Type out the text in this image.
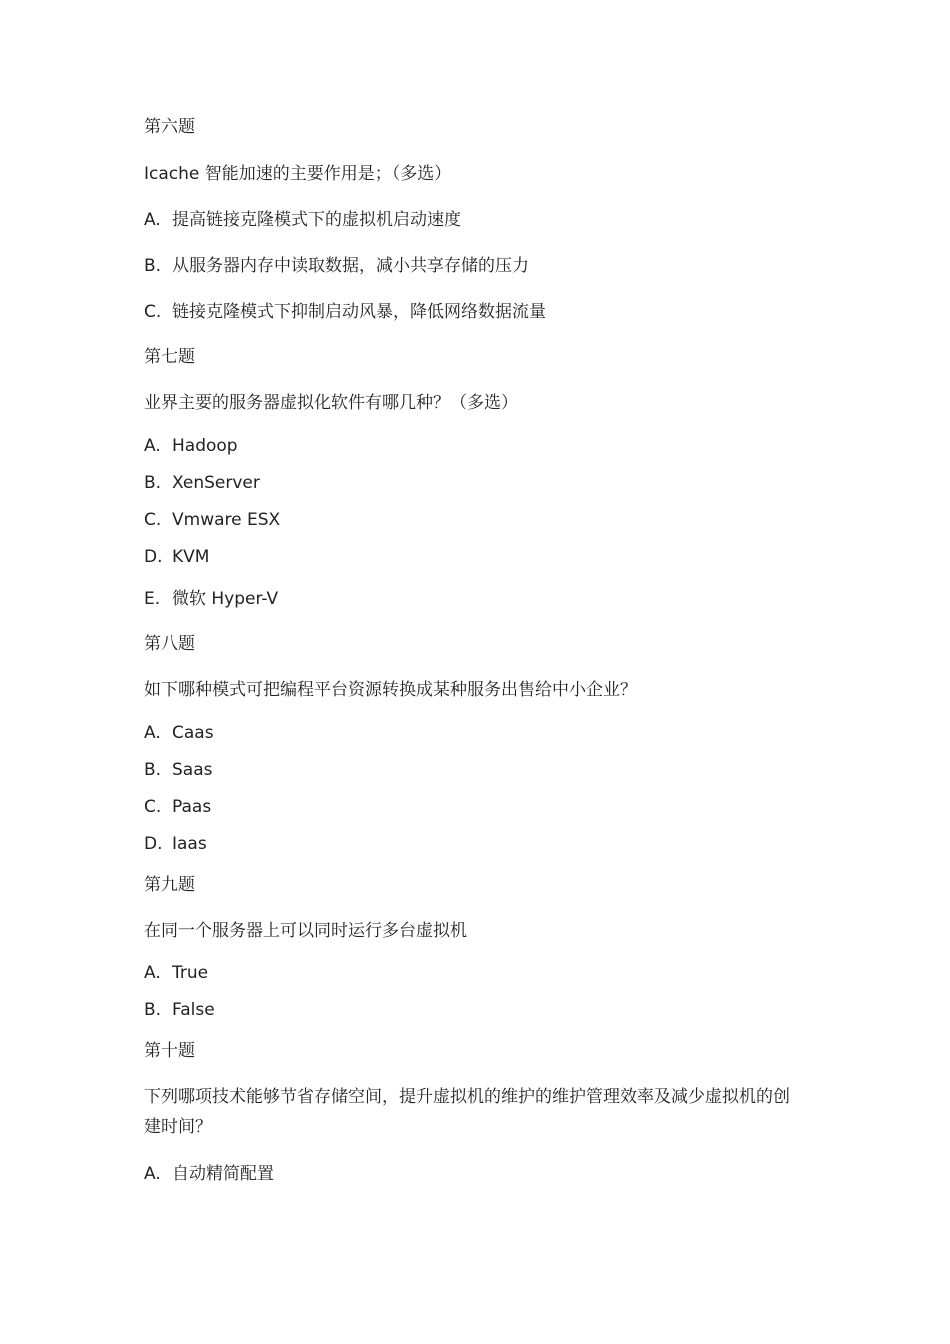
第六题
Icache 智能加速的主要作用是；（多选）
A. 提高链接克隆模式下的虚拟机启动速度
B. 从服务器内存中读取数据，减小共享存储的压力
C. 链接克隆模式下抑制启动风暴，降低网络数据流量
第七题
业界主要的服务器虚拟化软件有哪几种？（多选）
A. Hadoop
B. XenServer
C. Vmware ESX
D. KVM
E. 微软 Hyper-V
第八题
如下哪种模式可把编程平台资源转换成某种服务出售给中小企业？
A. Caas
B. Saas
C. Paas
D. Iaas
第九题
在同一个服务器上可以同时运行多台虚拟机
A. True
B. False
第十题
下列哪项技术能够节省存储空间，提升虚拟机的维护的维护管理效率及减少虚拟机的创建时间？
A. 自动精简配置
